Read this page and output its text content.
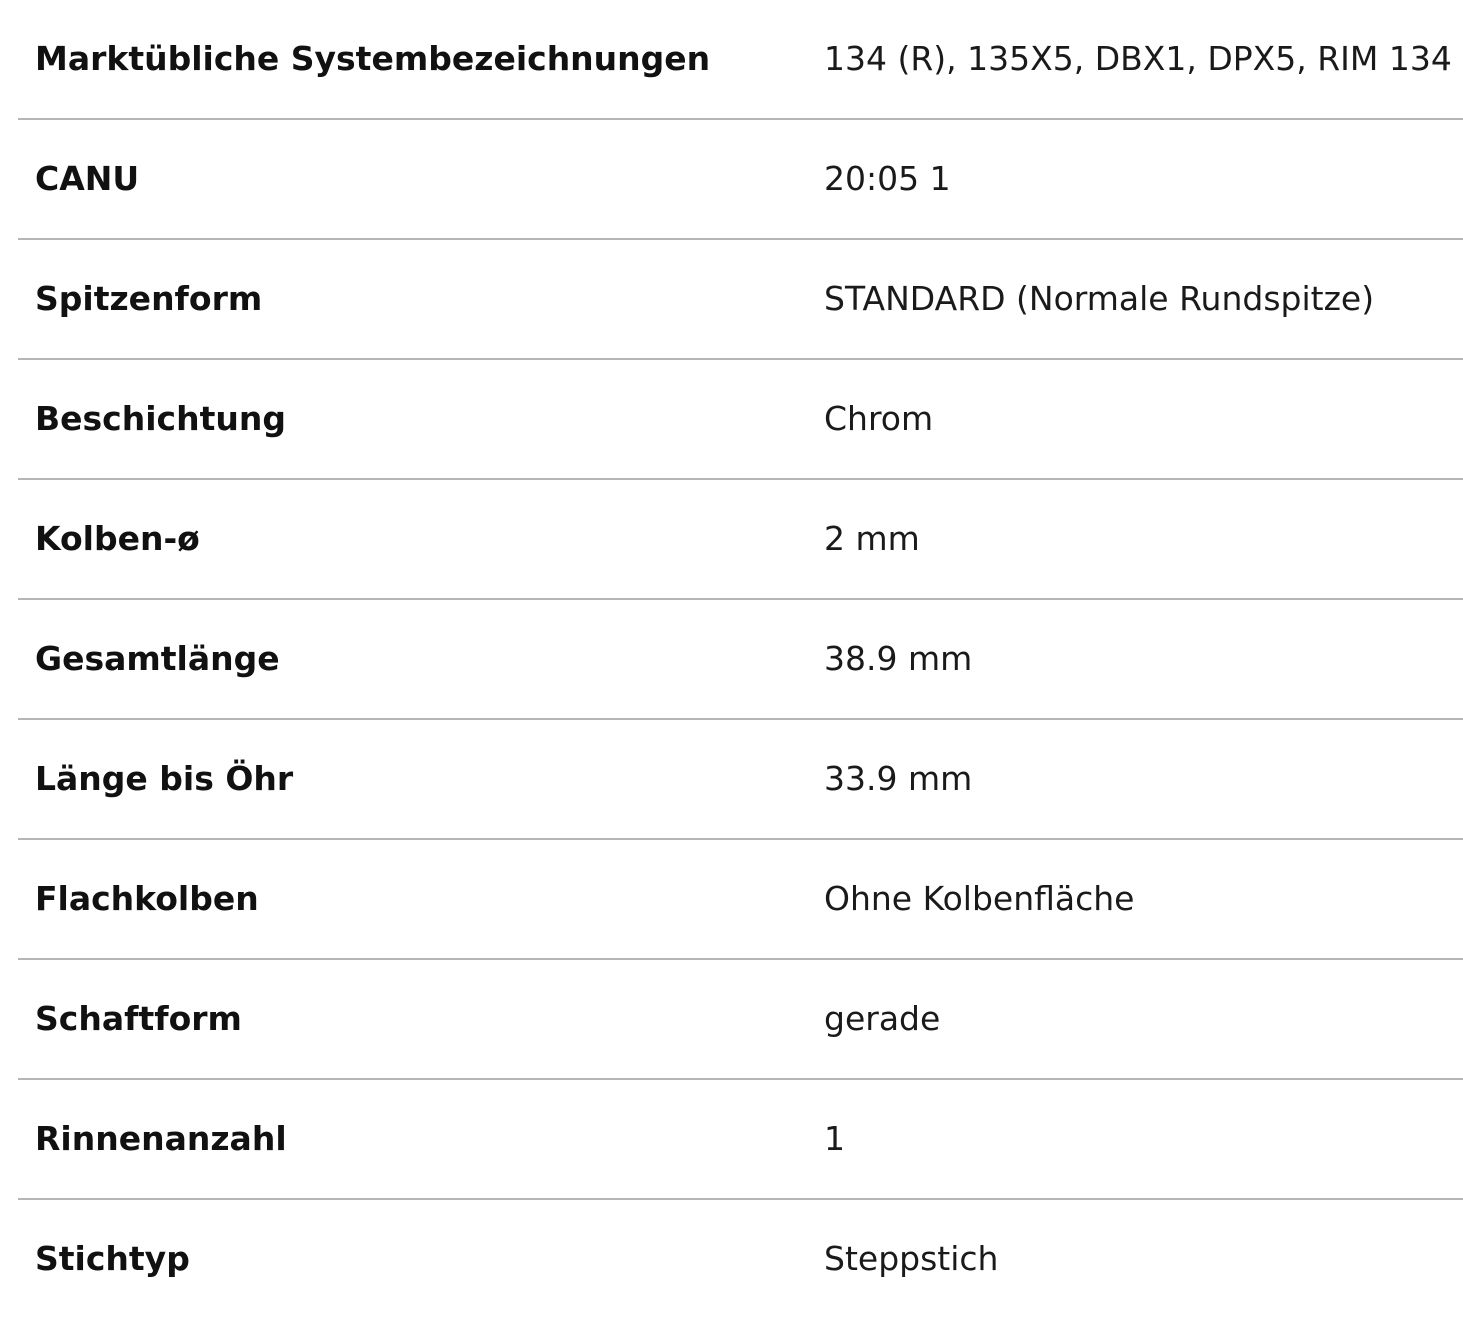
Marktübliche Systembezeichnungen	134 (R), 135X5, DBX1, DPX5, RIM 134
CANU	20:05 1
Spitzenform	STANDARD (Normale Rundspitze)
Beschichtung	Chrom
Kolben-ø	2 mm
Gesamtlänge	38.9 mm
Länge bis Öhr	33.9 mm
Flachkolben	Ohne Kolbenfläche
Schaftform	gerade
Rinnenanzahl	1
Stichtyp	Steppstich
